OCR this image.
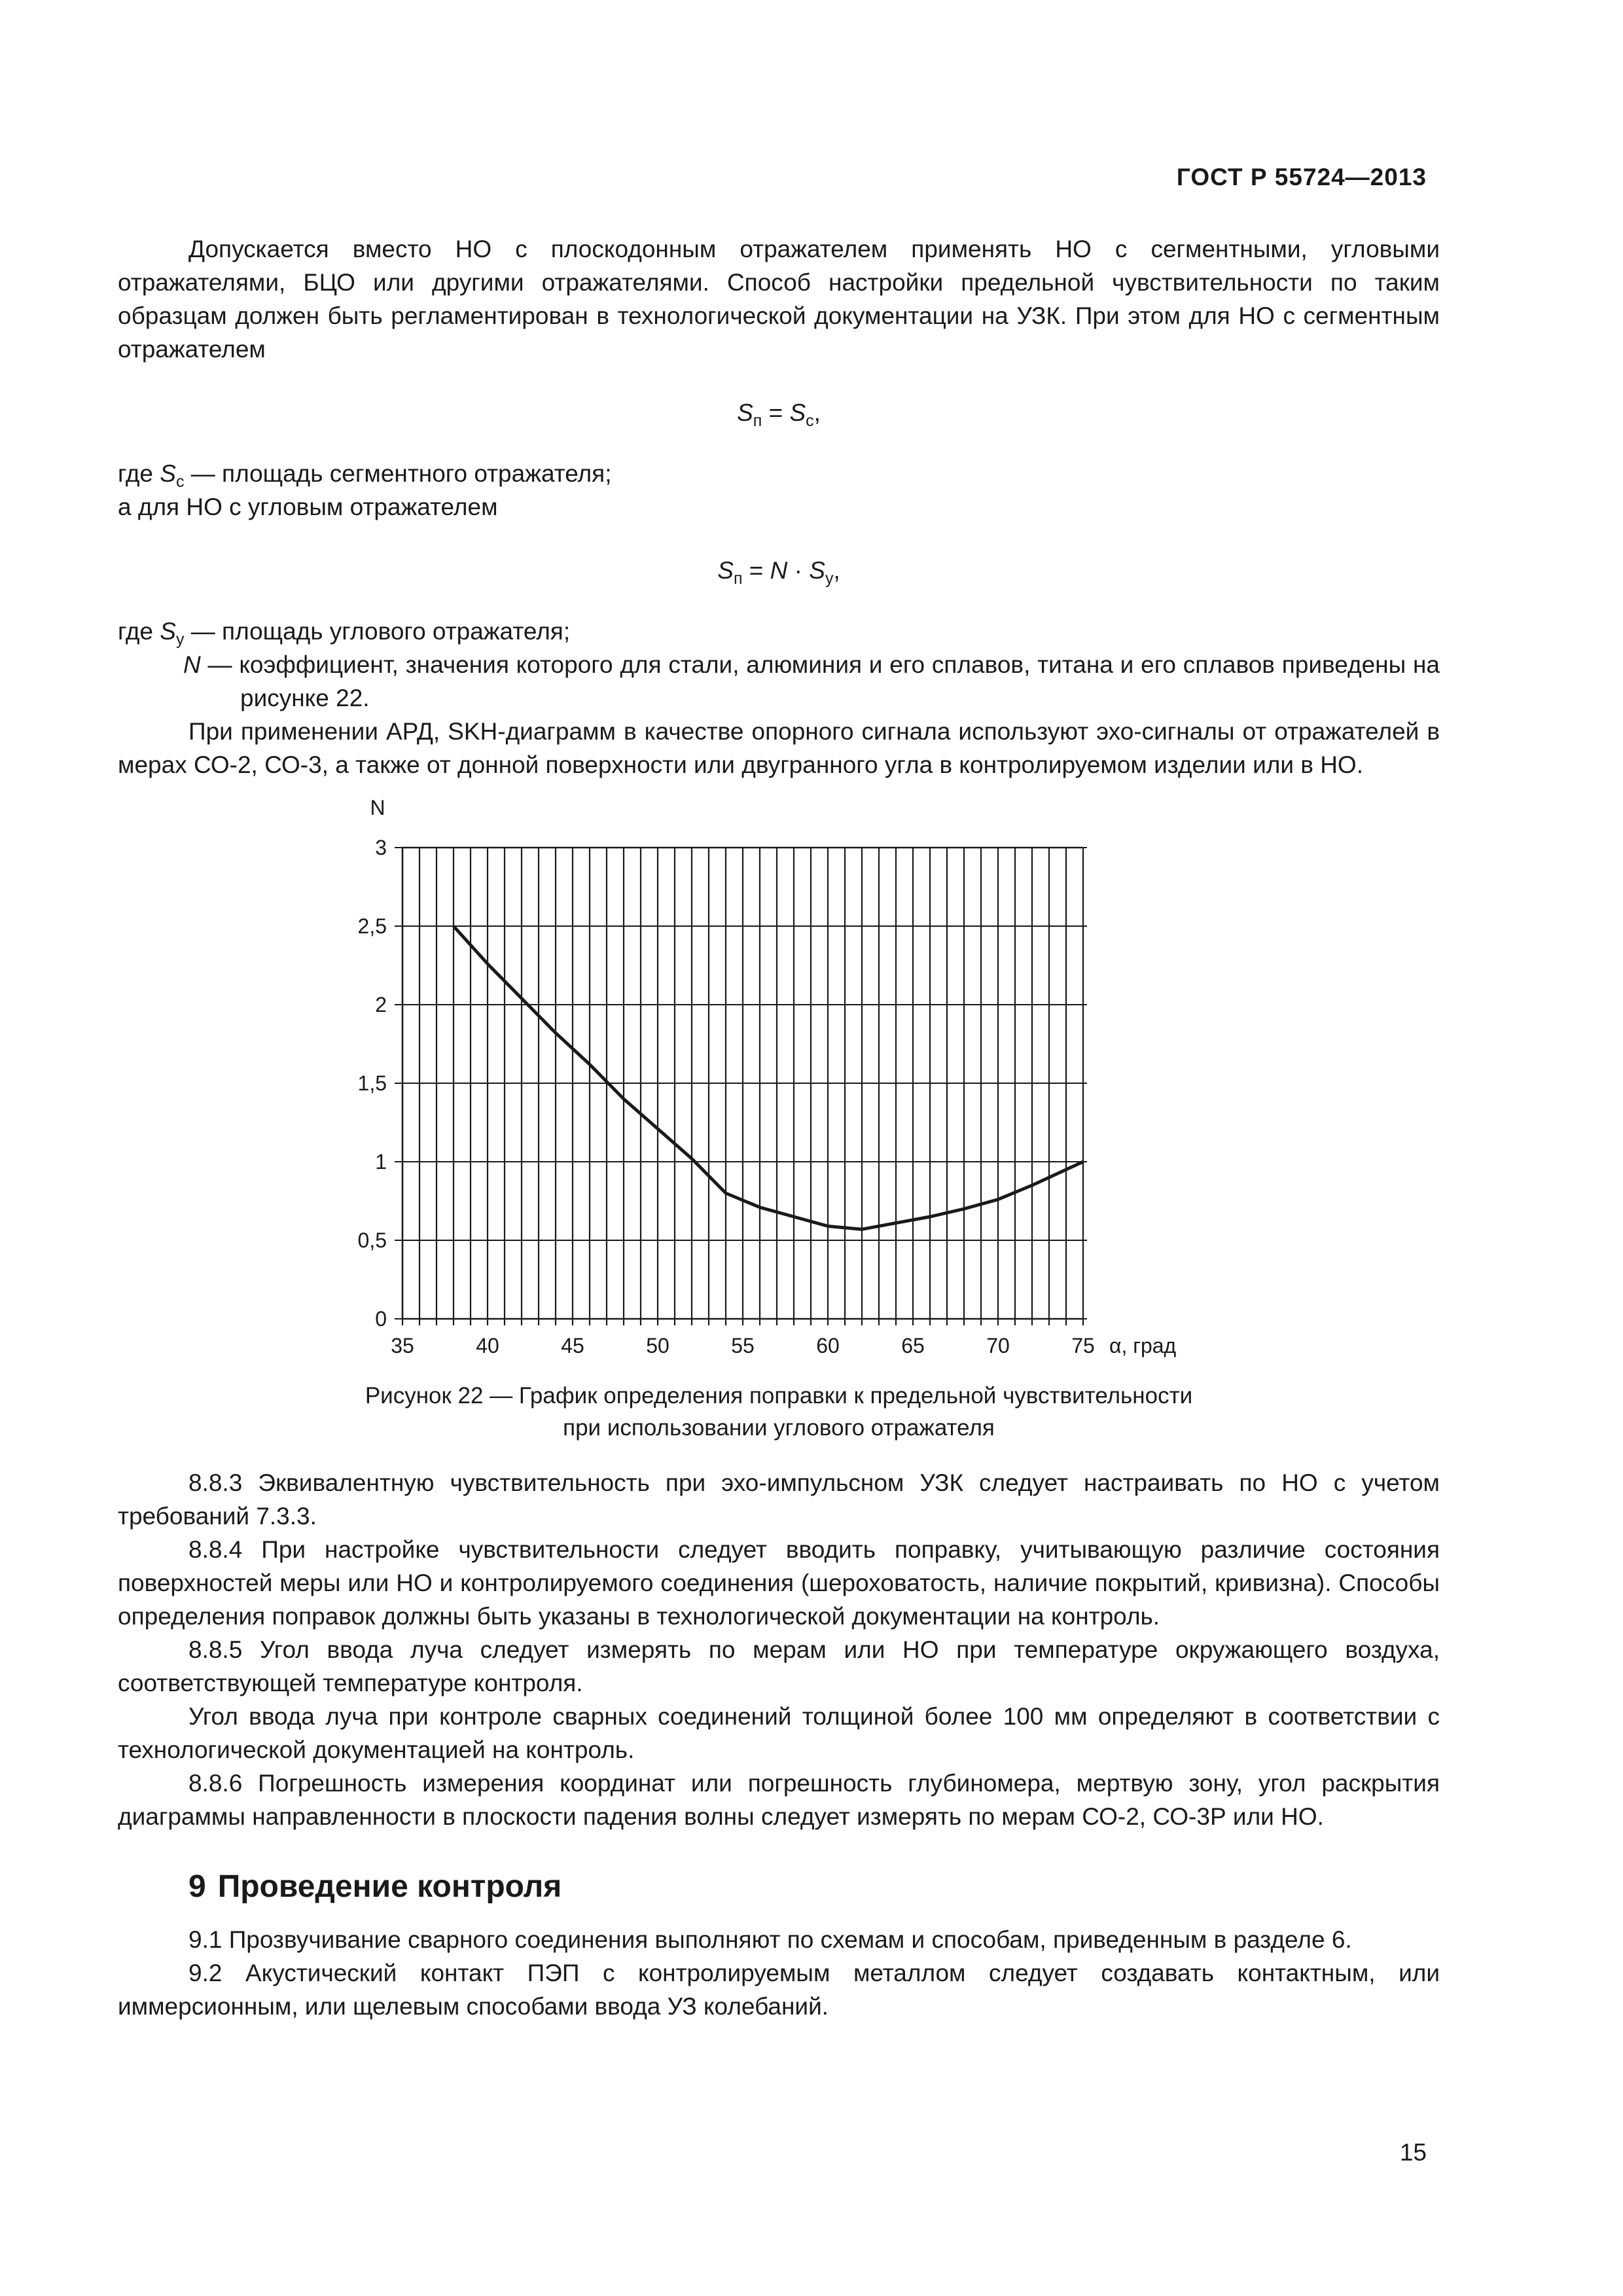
ГОСТ Р 55724—2013

Допускается вместо НО с плоскодонным отражателем применять НО с сегментными, угловыми отражателями, БЦО или другими отражателями. Способ настройки предельной чувствительности по таким образцам должен быть регламентирован в технологической документации на УЗК. При этом для НО с сегментным отражателем

$S_п = S_с$,

где $S_с$ — площадь сегментного отражателя;

а для НО с угловым отражателем

$S_п = N \cdot S_у$,

где $S_у$ — площадь углового отражателя;

N — коэффициент, значения которого для стали, алюминия и его сплавов, титана и его сплавов приведены на рисунке 22.

При применении АРД, SKH-диаграмм в качестве опорного сигнала используют эхо-сигналы от отражателей в мерах СО-2, СО-3, а также от донной поверхности или двугранного угла в контролируемом изделии или в НО.

0
0,5
1
1,5
2
2,5
3
35	40	45	50	55	60	65	70	75
N
α, град
Рисунок 22 — График определения поправки к предельной чувствительности
при использовании углового отражателя

8.8.3 Эквивалентную чувствительность при эхо-импульсном УЗК следует настраивать по НО с учетом требований 7.3.3.

8.8.4 При настройке чувствительности следует вводить поправку, учитывающую различие состояния поверхностей меры или НО и контролируемого соединения (шероховатость, наличие покрытий, кривизна). Способы определения поправок должны быть указаны в технологической документации на контроль.

8.8.5 Угол ввода луча следует измерять по мерам или НО при температуре окружающего воздуха, соответствующей температуре контроля.

Угол ввода луча при контроле сварных соединений толщиной более 100 мм определяют в соответствии с технологической документацией на контроль.

8.8.6 Погрешность измерения координат или погрешность глубиномера, мертвую зону, угол раскрытия диаграммы направленности в плоскости падения волны следует измерять по мерам СО-2, СО-3Р или НО.

9 Проведение контроля

9.1 Прозвучивание сварного соединения выполняют по схемам и способам, приведенным в разделе 6.

9.2 Акустический контакт ПЭП с контролируемым металлом следует создавать контактным, или иммерсионным, или щелевым способами ввода УЗ колебаний.

15
